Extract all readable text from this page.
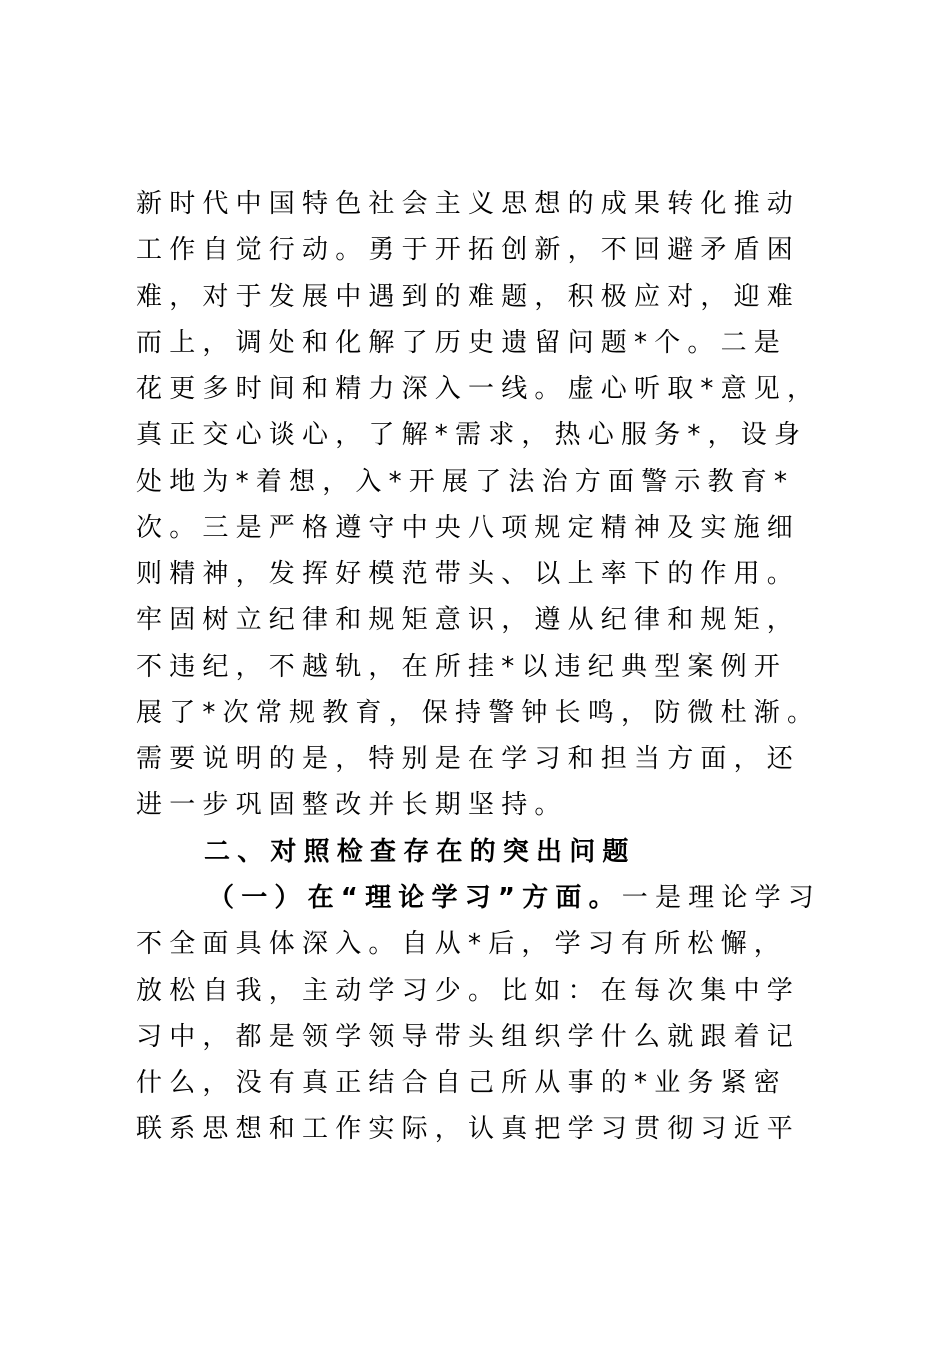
新时代中国特色社会主义思想的成果转化推动
工作自觉行动。勇于开拓创新，不回避矛盾困
难，对于发展中遇到的难题，积极应对，迎难
而上，调处和化解了历史遗留问题*个。二是
花更多时间和精力深入一线。虚心听取*意见，
真正交心谈心，了解*需求，热心服务*，设身
处地为*着想，入*开展了法治方面警示教育*
次。三是严格遵守中央八项规定精神及实施细
则精神，发挥好模范带头、以上率下的作用。
牢固树立纪律和规矩意识，遵从纪律和规矩，
不违纪，不越轨，在所挂*以违纪典型案例开
展了*次常规教育，保持警钟长鸣，防微杜渐。
需要说明的是，特别是在学习和担当方面，还
进一步巩固整改并长期坚持。
二、对照检查存在的突出问题
（一）在“理论学习”方面。一是理论学习
不全面具体深入。自从*后，学习有所松懈，
放松自我，主动学习少。比如：在每次集中学
习中，都是领学领导带头组织学什么就跟着记
什么，没有真正结合自己所从事的*业务紧密
联系思想和工作实际，认真把学习贯彻习近平
